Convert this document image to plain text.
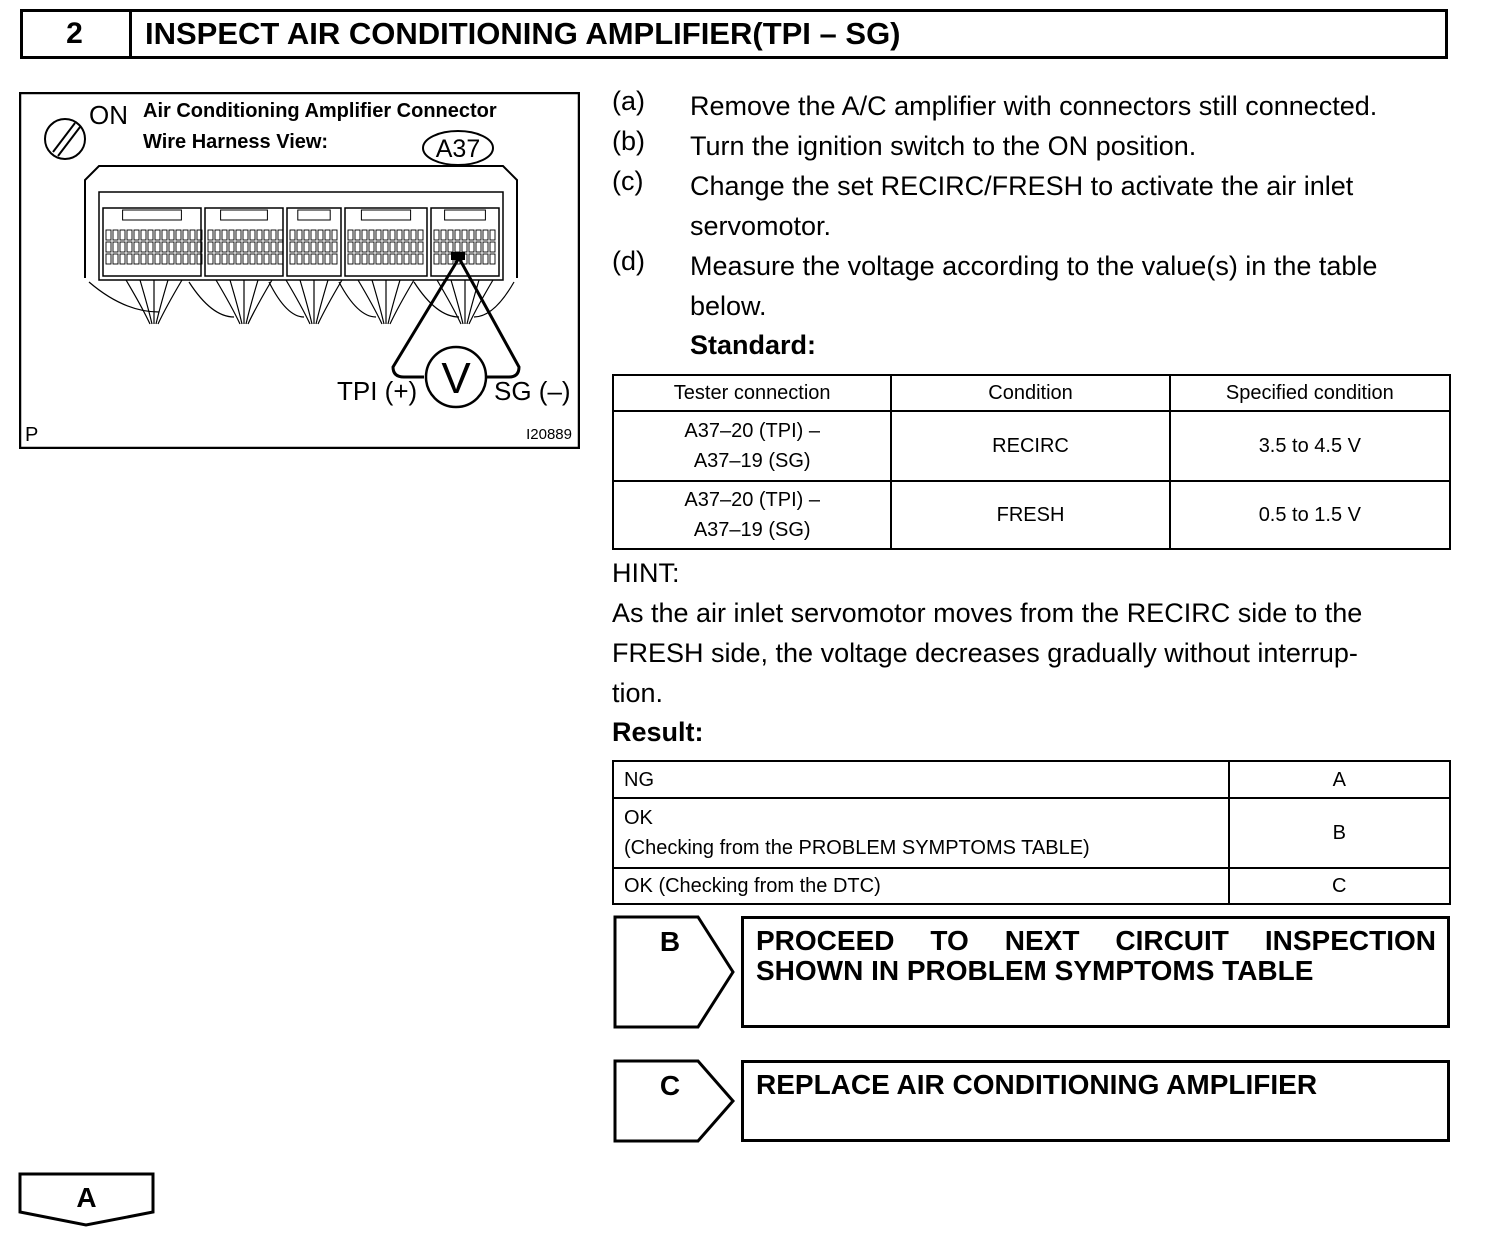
2	INSPECT AIR CONDITIONING AMPLIFIER(TPI – SG)
ON Air Conditioning Amplifier Connector
Wire Harness View:	A37
V
TPI (+)	SG (–)
P	I20889
(a) Remove the A/C amplifier with connectors still connected.
(b) Turn the ignition switch to the ON position.
(c) Change the set RECIRC/FRESH to activate the air inlet
servomotor.
(d) Measure the voltage according to the value(s) in the table
below.
Standard:
Tester connection	Condition	Specified condition

A37–20 (TPI) –
A37–19 (SG)	RECIRC	3.5 to 4.5 V

A37–20 (TPI) –
A37–19 (SG)	FRESH	0.5 to 1.5 V
HINT:
As the air inlet servomotor moves from the RECIRC side to the
FRESH side, the voltage decreases gradually without interrup-
tion.
Result:
NG	A

OK
(Checking from the PROBLEM SYMPTOMS TABLE)	B
OK (Checking from the DTC)	C
B	PROCEED TO NEXT CIRCUIT INSPECTION
SHOWN IN PROBLEM SYMPTOMS TABLE
C	REPLACE AIR CONDITIONING AMPLIFIER
A
